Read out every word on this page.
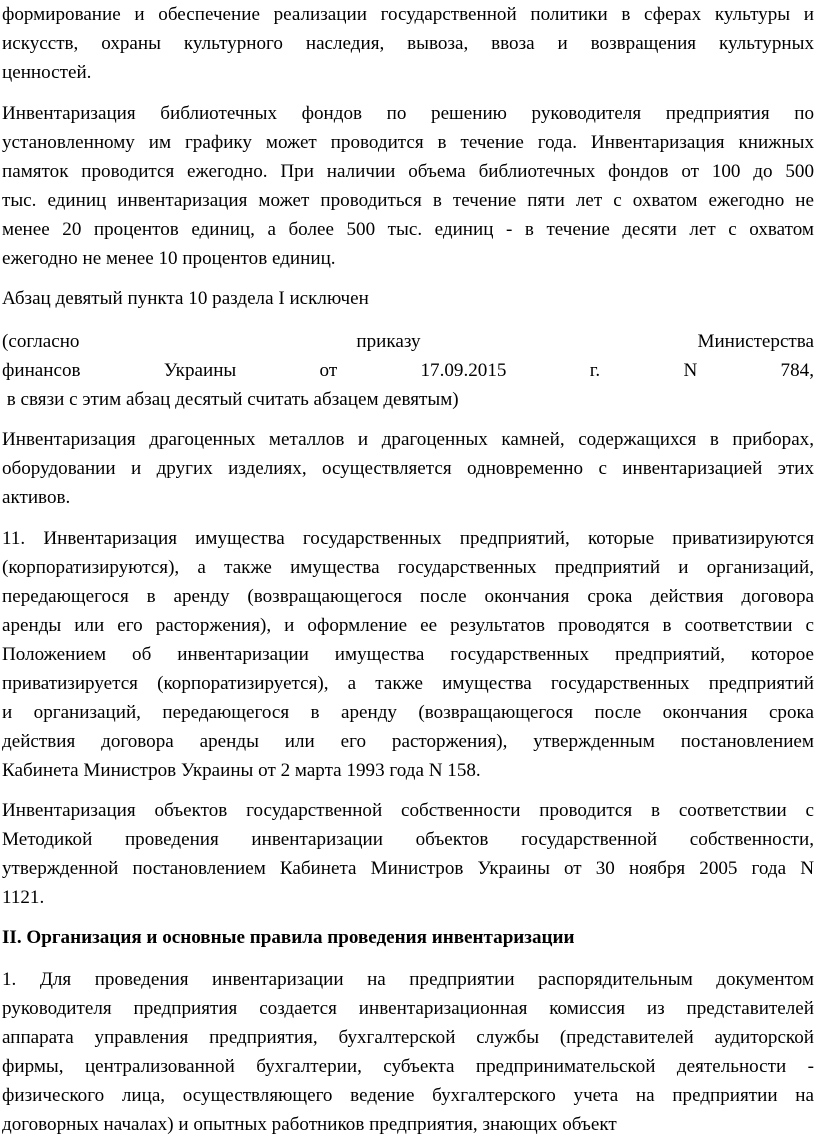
формирование и обеспечение реализации государственной политики в сферах культуры и
искусств, охраны культурного наследия, вывоза, ввоза и возвращения культурных
ценностей.
Инвентаризация библиотечных фондов по решению руководителя предприятия по
установленному им графику может проводится в течение года. Инвентаризация книжных
памяток проводится ежегодно. При наличии объема библиотечных фондов от 100 до 500
тыс. единиц инвентаризация может проводиться в течение пяти лет с охватом ежегодно не
менее 20 процентов единиц, а более 500 тыс. единиц - в течение десяти лет с охватом
ежегодно не менее 10 процентов единиц.
Абзац девятый пункта 10 раздела I исключен
(согласно	приказу	Министерства
финансов	Украины	от	17.09.2015	г.	N	784,
в связи с этим абзац десятый считать абзацем девятым)
Инвентаризация драгоценных металлов и драгоценных камней, содержащихся в приборах,
оборудовании и других изделиях, осуществляется одновременно с инвентаризацией этих
активов.
11. Инвентаризация имущества государственных предприятий, которые приватизируются
(корпоратизируются), а также имущества государственных предприятий и организаций,
передающегося в аренду (возвращающегося после окончания срока действия договора
аренды или его расторжения), и оформление ее результатов проводятся в соответствии с
Положением об инвентаризации имущества государственных предприятий, которое
приватизируется (корпоратизируется), а также имущества государственных предприятий
и организаций, передающегося в аренду (возвращающегося после окончания срока
действия договора аренды или его расторжения), утвержденным постановлением
Кабинета Министров Украины от 2 марта 1993 года N 158.
Инвентаризация объектов государственной собственности проводится в соответствии с
Методикой проведения инвентаризации объектов государственной собственности,
утвержденной постановлением Кабинета Министров Украины от 30 ноября 2005 года N
1121.
II. Организация и основные правила проведения инвентаризации
1. Для проведения инвентаризации на предприятии распорядительным документом
руководителя предприятия создается инвентаризационная комиссия из представителей
аппарата управления предприятия, бухгалтерской службы (представителей аудиторской
фирмы, централизованной бухгалтерии, субъекта предпринимательской деятельности -
физического лица, осуществляющего ведение бухгалтерского учета на предприятии на
договорных началах) и опытных работников предприятия, знающих объект
